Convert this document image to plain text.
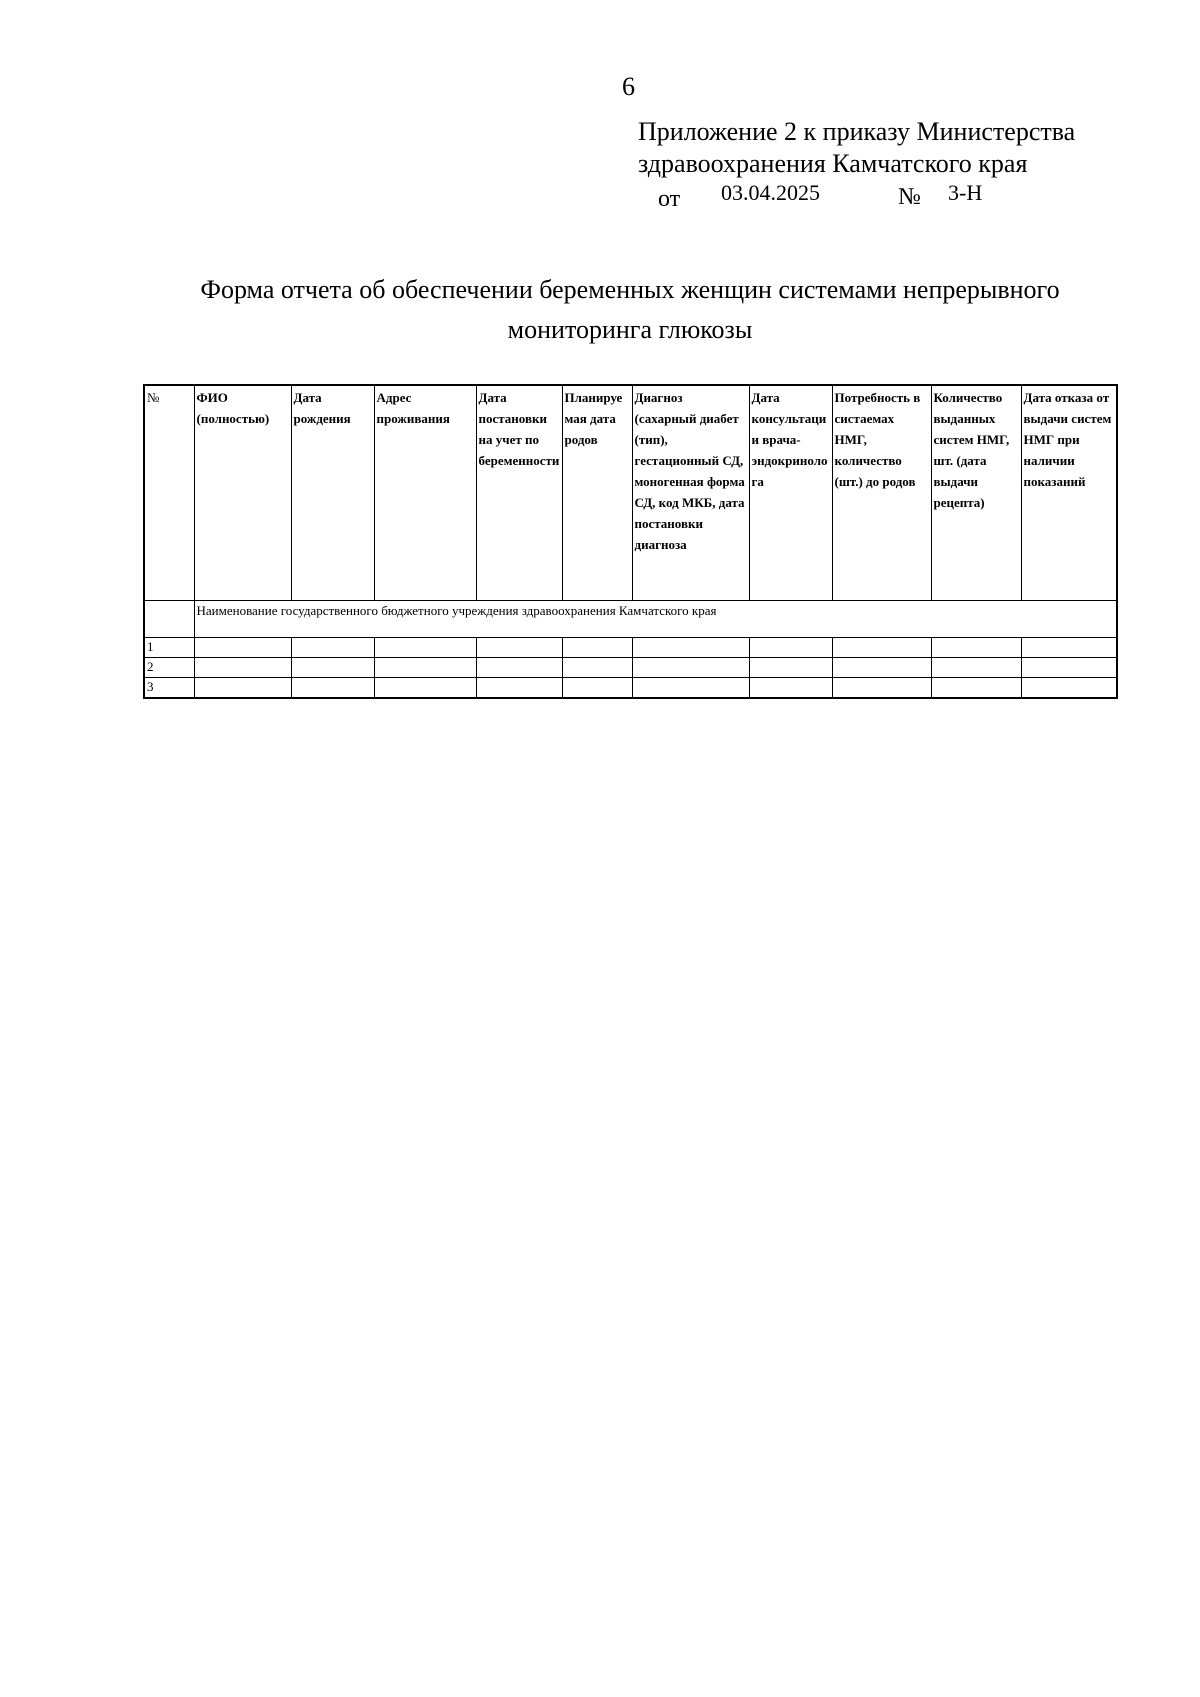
6
Приложение 2 к приказу Министерства
здравоохранения Камчатского края
от 03.04.2025	№ 3-Н
Форма отчета об обеспечении беременных женщин системами непрерывного
мониторинга глюкозы
№	ФИО (полностью)	Дата рождения	Адрес проживания	Дата постановки на учет по беременности	Планируемая дата родов	Диагноз (сахарный диабет (тип), гестационный СД, моногенная форма СД, код МКБ, дата постановки диагноза	Дата консультации врача-эндокринолога	Потребность в систаемах НМГ, количество (шт.) до родов	Количество выданных систем НМГ, шт. (дата выдачи рецепта)	Дата отказа от выдачи систем НМГ при наличии показаний
	Наименование государственного бюджетного учреждения здравоохранения Камчатского края									
1										
2										
3										
